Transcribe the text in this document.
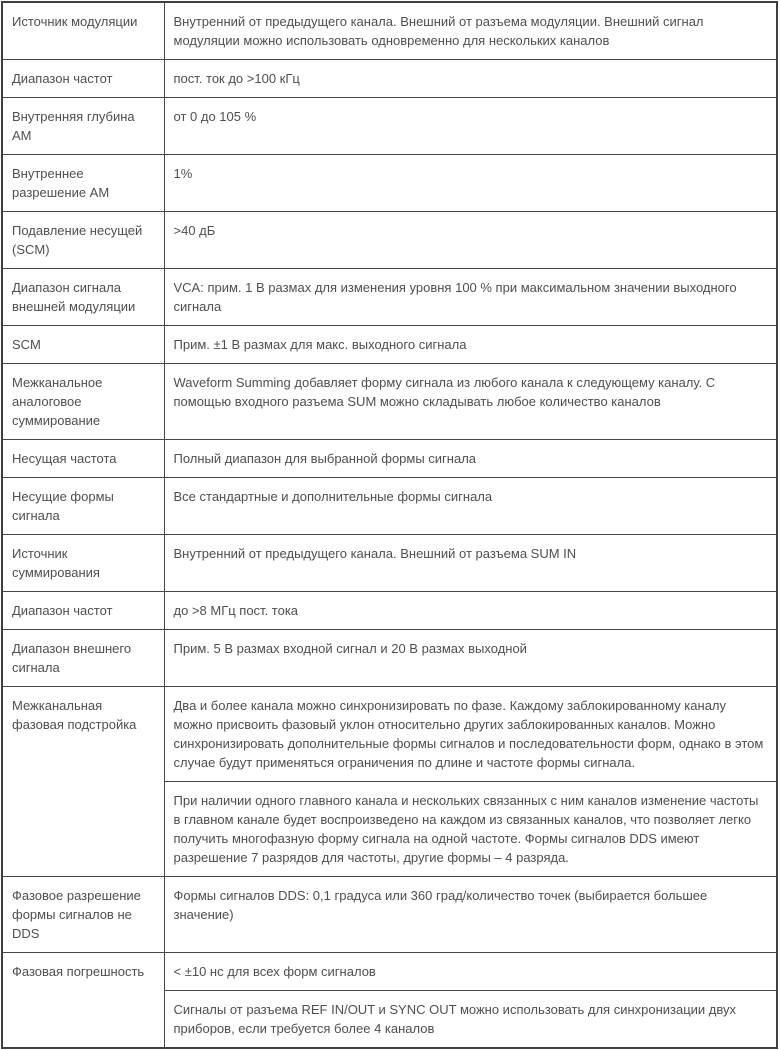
Источник модуляции	Внутренний от предыдущего канала. Внешний от разъема модуляции. Внешний сигнал модуляции можно использовать одновременно для нескольких каналов
Диапазон частот	пост. ток до >100 кГц
Внутренняя глубина АМ	от 0 до 105 %
Внутреннее разрешение АМ	1%
Подавление несущей (SCM)	>40 дБ
Диапазон сигнала внешней модуляции	VCA: прим. 1 В размах для изменения уровня 100 % при максимальном значении выходного сигнала
SCM	Прим. ±1 В размах для макс. выходного сигнала
Межканальное аналоговое суммирование	Waveform Summing добавляет форму сигнала из любого канала к следующему каналу. С помощью входного разъема SUM можно складывать любое количество каналов
Несущая частота	Полный диапазон для выбранной формы сигнала
Несущие формы сигнала	Все стандартные и дополнительные формы сигнала
Источник суммирования	Внутренний от предыдущего канала. Внешний от разъема SUM IN
Диапазон частот	до >8 МГц пост. тока
Диапазон внешнего сигнала	Прим. 5 В размах входной сигнал и 20 В размах выходной
Межканальная фазовая подстройка	Два и более канала можно синхронизировать по фазе. Каждому заблокированному каналу можно присвоить фазовый уклон относительно других заблокированных каналов. Можно синхронизировать дополнительные формы сигналов и последовательности форм, однако в этом случае будут применяться ограничения по длине и частоте формы сигнала.
	При наличии одного главного канала и нескольких связанных с ним каналов изменение частоты в главном канале будет воспроизведено на каждом из связанных каналов, что позволяет легко получить многофазную форму сигнала на одной частоте. Формы сигналов DDS имеют разрешение 7 разрядов для частоты, другие формы – 4 разряда.
Фазовое разрешение формы сигналов не DDS	Формы сигналов DDS: 0,1 градуса или 360 град/количество точек (выбирается большее значение)
Фазовая погрешность	< ±10 нс для всех форм сигналов
	Сигналы от разъема REF IN/OUT и SYNC OUT можно использовать для синхронизации двух приборов, если требуется более 4 каналов
